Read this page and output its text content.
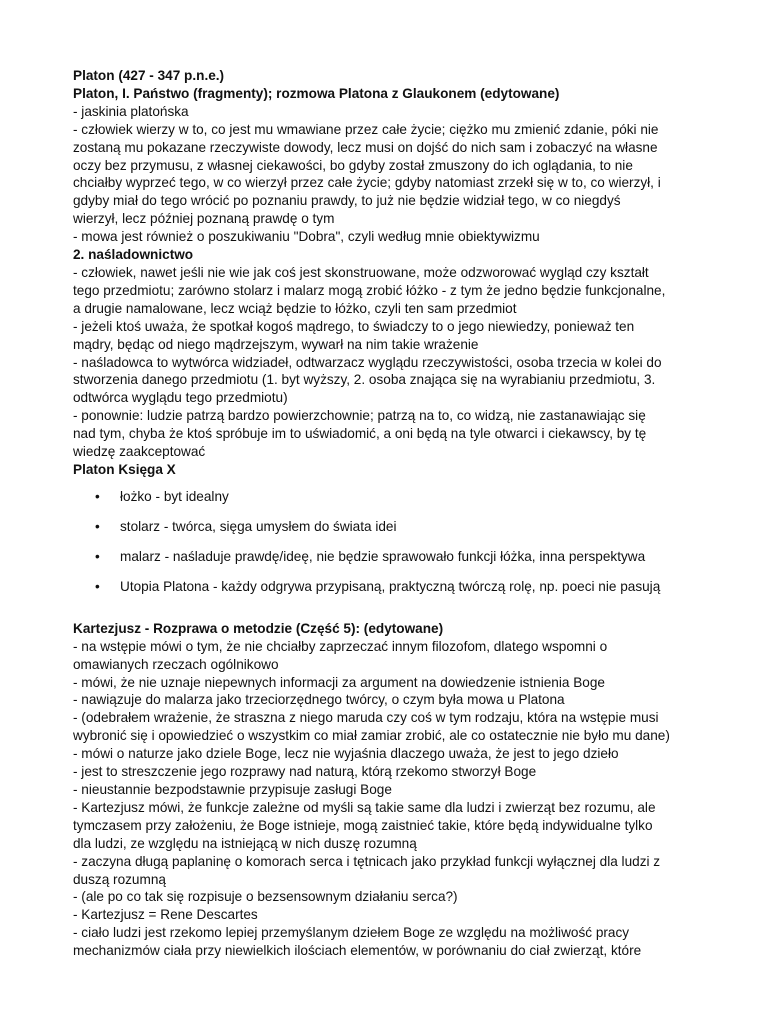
Platon (427 - 347 p.n.e.)
Platon, I. Państwo (fragmenty); rozmowa Platona z Glaukonem (edytowane)
- jaskinia platońska
- człowiek wierzy w to, co jest mu wmawiane przez całe życie; ciężko mu zmienić zdanie, póki nie
zostaną mu pokazane rzeczywiste dowody, lecz musi on dojść do nich sam i zobaczyć na własne
oczy bez przymusu, z własnej ciekawości, bo gdyby został zmuszony do ich oglądania, to nie
chciałby wyprzeć tego, w co wierzył przez całe życie; gdyby natomiast zrzekł się w to, co wierzył, i
gdyby miał do tego wrócić po poznaniu prawdy, to już nie będzie widział tego, w co niegdyś
wierzył, lecz później poznaną prawdę o tym
- mowa jest również o poszukiwaniu "Dobra", czyli według mnie obiektywizmu
2. naśladownictwo
- człowiek, nawet jeśli nie wie jak coś jest skonstruowane, może odzworować wygląd czy kształt
tego przedmiotu; zarówno stolarz i malarz mogą zrobić łóżko - z tym że jedno będzie funkcjonalne,
a drugie namalowane, lecz wciąż będzie to łóżko, czyli ten sam przedmiot
- jeżeli ktoś uważa, że spotkał kogoś mądrego, to świadczy to o jego niewiedzy, ponieważ ten
mądry, będąc od niego mądrzejszym, wywarł na nim takie wrażenie
- naśladowca to wytwórca widziadeł, odtwarzacz wyglądu rzeczywistości, osoba trzecia w kolei do
stworzenia danego przedmiotu (1. byt wyższy, 2. osoba znająca się na wyrabianiu przedmiotu, 3.
odtwórca wyglądu tego przedmiotu)
- ponownie: ludzie patrzą bardzo powierzchownie; patrzą na to, co widzą, nie zastanawiając się
nad tym, chyba że ktoś spróbuje im to uświadomić, a oni będą na tyle otwarci i ciekawscy, by tę
wiedzę zaakceptować
Platon Księga X
• łożko - byt idealny
• stolarz - twórca, sięga umysłem do świata idei
• malarz - naśladuje prawdę/ideę, nie będzie sprawowało funkcji łóżka, inna perspektywa
• Utopia Platona - każdy odgrywa przypisaną, praktyczną twórczą rolę, np. poeci nie pasują
Kartezjusz - Rozprawa o metodzie (Część 5): (edytowane)
- na wstępie mówi o tym, że nie chciałby zaprzeczać innym filozofom, dlatego wspomni o
omawianych rzeczach ogólnikowo
- mówi, że nie uznaje niepewnych informacji za argument na dowiedzenie istnienia Boge
- nawiązuje do malarza jako trzeciorzędnego twórcy, o czym była mowa u Platona
- (odebrałem wrażenie, że straszna z niego maruda czy coś w tym rodzaju, która na wstępie musi
wybronić się i opowiedzieć o wszystkim co miał zamiar zrobić, ale co ostatecznie nie było mu dane)
- mówi o naturze jako dziele Boge, lecz nie wyjaśnia dlaczego uważa, że jest to jego dzieło
- jest to streszczenie jego rozprawy nad naturą, którą rzekomo stworzył Boge
- nieustannie bezpodstawnie przypisuje zasługi Boge
- Kartezjusz mówi, że funkcje zależne od myśli są takie same dla ludzi i zwierząt bez rozumu, ale
tymczasem przy założeniu, że Boge istnieje, mogą zaistnieć takie, które będą indywidualne tylko
dla ludzi, ze względu na istniejącą w nich duszę rozumną
- zaczyna długą paplaninę o komorach serca i tętnicach jako przykład funkcji wyłącznej dla ludzi z
duszą rozumną
- (ale po co tak się rozpisuje o bezsensownym działaniu serca?)
- Kartezjusz = Rene Descartes
- ciało ludzi jest rzekomo lepiej przemyślanym dziełem Boge ze względu na możliwość pracy
mechanizmów ciała przy niewielkich ilościach elementów, w porównaniu do ciał zwierząt, które
